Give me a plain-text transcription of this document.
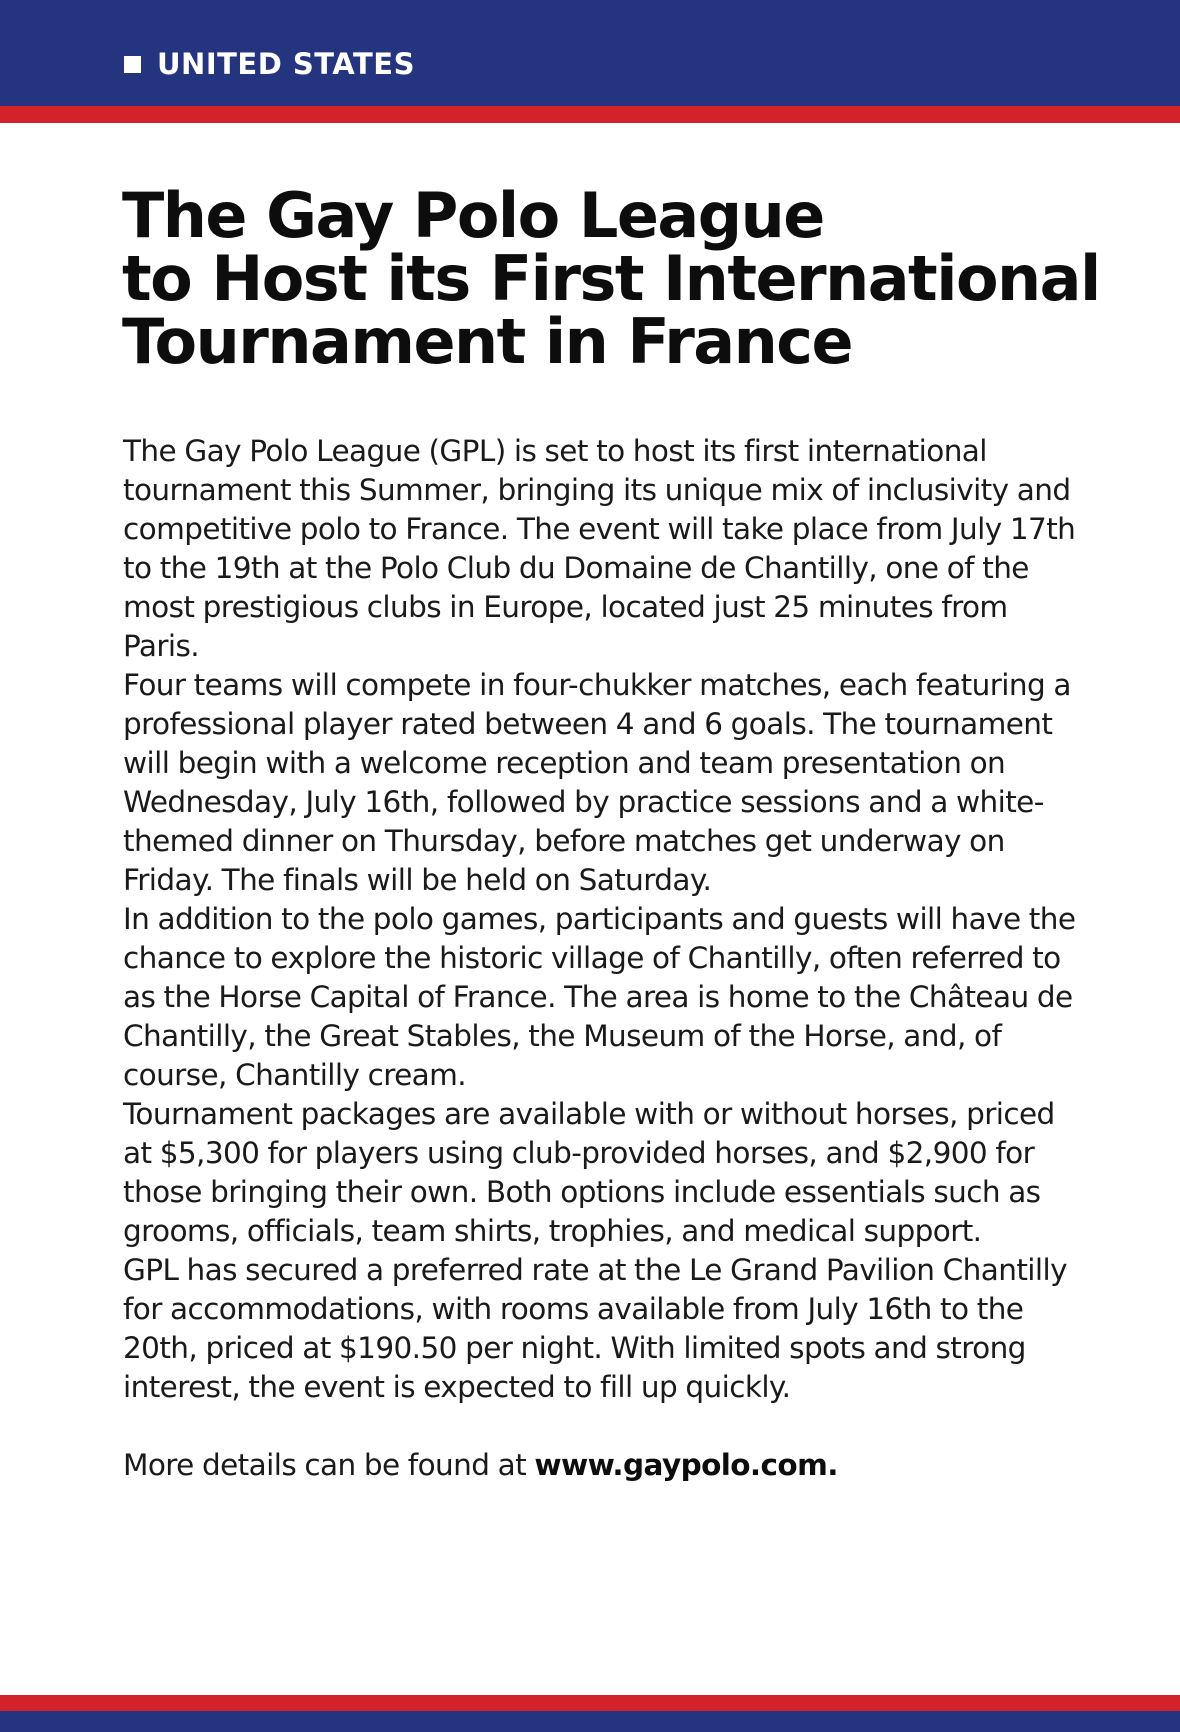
UNITED STATES
The Gay Polo League
to Host its First International
Tournament in France

The Gay Polo League (GPL) is set to host its first international tournament this Summer, bringing its unique mix of inclusivity and competitive polo to France. The event will take place from July 17th to the 19th at the Polo Club du Domaine de Chantilly, one of the most prestigious clubs in Europe, located just 25 minutes from Paris.

Four teams will compete in four-chukker matches, each featuring a professional player rated between 4 and 6 goals. The tournament will begin with a welcome reception and team presentation on Wednesday, July 16th, followed by practice sessions and a white-themed dinner on Thursday, before matches get underway on Friday. The finals will be held on Saturday.

In addition to the polo games, participants and guests will have the chance to explore the historic village of Chantilly, often referred to as the Horse Capital of France. The area is home to the Château de Chantilly, the Great Stables, the Museum of the Horse, and, of course, Chantilly cream.

Tournament packages are available with or without horses, priced at $5,300 for players using club-provided horses, and $2,900 for those bringing their own. Both options include essentials such as grooms, officials, team shirts, trophies, and medical support.

GPL has secured a preferred rate at the Le Grand Pavilion Chantilly for accommodations, with rooms available from July 16th to the 20th, priced at $190.50 per night. With limited spots and strong interest, the event is expected to fill up quickly.

More details can be found at www.gaypolo.com.
